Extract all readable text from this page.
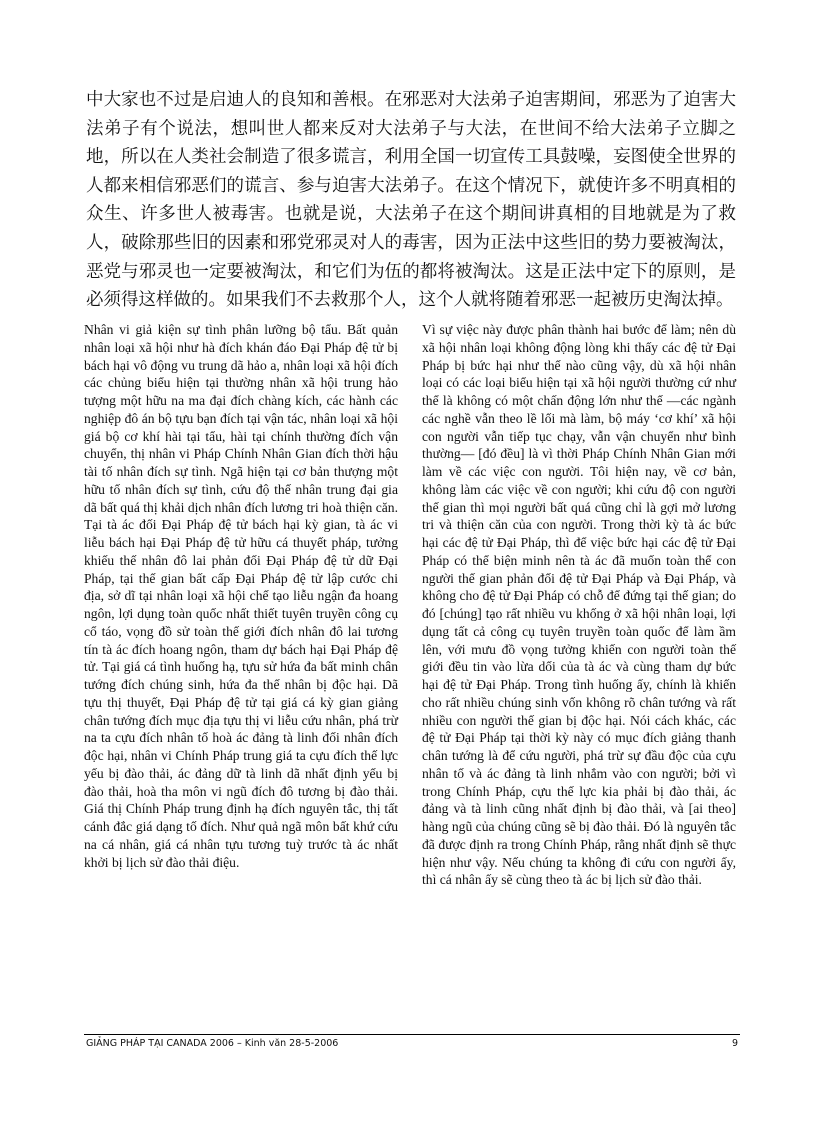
中大家也不过是启迪人的良知和善根。在邪恶对大法弟子迫害期间，邪恶为了迫害大法弟子有个说法，想叫世人都来反对大法弟子与大法，在世间不给大法弟子立脚之地，所以在人类社会制造了很多谎言，利用全国一切宣传工具鼓噪，妄图使全世界的人都来相信邪恶们的谎言、参与迫害大法弟子。在这个情况下，就使许多不明真相的众生、许多世人被毒害。也就是说，大法弟子在这个期间讲真相的目地就是为了救人，破除那些旧的因素和邪党邪灵对人的毒害，因为正法中这些旧的势力要被淘汰，恶党与邪灵也一定要被淘汰，和它们为伍的都将被淘汰。这是正法中定下的原则，是必须得这样做的。如果我们不去救那个人，这个人就将随着邪恶一起被历史淘汰掉。

Nhân vi giả kiện sự tình phân lưỡng bộ tẩu. Bất quản nhân loại xã hội như hà đích khán đáo Đại Pháp đệ tử bị bách hại vô động vu trung dã hảo a, nhân loại xã hội đích các chủng biểu hiện tại thường nhân xã hội trung hảo tượng một hữu na ma đại đích chàng kích, các hành các nghiệp đô án bộ tựu bạn đích tại vận tác, nhân loại xã hội giá bộ cơ khí hài tại tẩu, hài tại chính thường đích vận chuyển, thị nhân vi Pháp Chính Nhân Gian đích thời hậu tài tố nhân đích sự tình. Ngã hiện tại cơ bản thượng một hữu tố nhân đích sự tình, cứu độ thế nhân trung đại gia dã bất quá thị khải dịch nhân đích lương tri hoà thiện căn. Tại tà ác đối Đại Pháp đệ tử bách hại kỳ gian, tà ác vi liễu bách hại Đại Pháp đệ tử hữu cá thuyết pháp, tưởng khiếu thế nhân đô lai phản đối Đại Pháp đệ tử dữ Đại Pháp, tại thế gian bất cấp Đại Pháp đệ tử lập cước chi địa, sở dĩ tại nhân loại xã hội chế tạo liễu ngận đa hoang ngôn, lợi dụng toàn quốc nhất thiết tuyên truyền công cụ cổ táo, vọng đồ sử toàn thế giới đích nhân đô lai tương tín tà ác đích hoang ngôn, tham dự bách hại Đại Pháp đệ tử. Tại giá cá tình huống hạ, tựu sử hứa đa bất minh chân tướng đích chúng sinh, hứa đa thế nhân bị độc hại. Dã tựu thị thuyết, Đại Pháp đệ tử tại giá cá kỳ gian giảng chân tướng đích mục địa tựu thị vi liễu cứu nhân, phá trừ na ta cựu đích nhân tố hoà ác đảng tà linh đối nhân đích độc hại, nhân vi Chính Pháp trung giá ta cựu đích thế lực yếu bị đào thải, ác đảng dữ tà linh dã nhất định yếu bị đào thải, hoà tha môn vi ngũ đích đô tương bị đào thải. Giá thị Chính Pháp trung định hạ đích nguyên tắc, thị tất cánh đắc giá dạng tố đích. Như quả ngã môn bất khứ cứu na cá nhân, giá cá nhân tựu tương tuỳ trước tà ác nhất khởi bị lịch sử đào thải điệu.

Vì sự việc này được phân thành hai bước để làm; nên dù xã hội nhân loại không động lòng khi thấy các đệ tử Đại Pháp bị bức hại như thế nào cũng vậy, dù xã hội nhân loại có các loại biểu hiện tại xã hội người thường cứ như thể là không có một chấn động lớn như thế —các ngành các nghề vẫn theo lề lối mà làm, bộ máy ‘cơ khí’ xã hội con người vẫn tiếp tục chạy, vẫn vận chuyển như bình thường— [đó đều] là vì thời Pháp Chính Nhân Gian mới làm về các việc con người. Tôi hiện nay, về cơ bản, không làm các việc về con người; khi cứu độ con người thế gian thì mọi người bất quá cũng chỉ là gợi mở lương tri và thiện căn của con người. Trong thời kỳ tà ác bức hại các đệ tử Đại Pháp, thì để việc bức hại các đệ tử Đại Pháp có thể biện minh nên tà ác đã muốn toàn thể con người thế gian phản đối đệ tử Đại Pháp và Đại Pháp, và không cho đệ tử Đại Pháp có chỗ để đứng tại thế gian; do đó [chúng] tạo rất nhiều vu khống ở xã hội nhân loại, lợi dụng tất cả công cụ tuyên truyền toàn quốc để làm ầm lên, với mưu đồ vọng tưởng khiến con người toàn thế giới đều tin vào lừa dối của tà ác và cùng tham dự bức hại đệ tử Đại Pháp. Trong tình huống ấy, chính là khiến cho rất nhiều chúng sinh vốn không rõ chân tướng và rất nhiều con người thế gian bị độc hại. Nói cách khác, các đệ tử Đại Pháp tại thời kỳ này có mục đích giảng thanh chân tướng là để cứu người, phá trừ sự đầu độc của cựu nhân tố và ác đảng tà linh nhắm vào con người; bởi vì trong Chính Pháp, cựu thế lực kia phải bị đào thải, ác đảng và tà linh cũng nhất định bị đào thải, và [ai theo] hàng ngũ của chúng cũng sẽ bị đào thải. Đó là nguyên tắc đã được định ra trong Chính Pháp, rằng nhất định sẽ thực hiện như vậy. Nếu chúng ta không đi cứu con người ấy, thì cá nhân ấy sẽ cùng theo tà ác bị lịch sử đào thải.

GIẢNG PHÁP TẠI CANADA 2006 – Kinh văn 28-5-2006	9
